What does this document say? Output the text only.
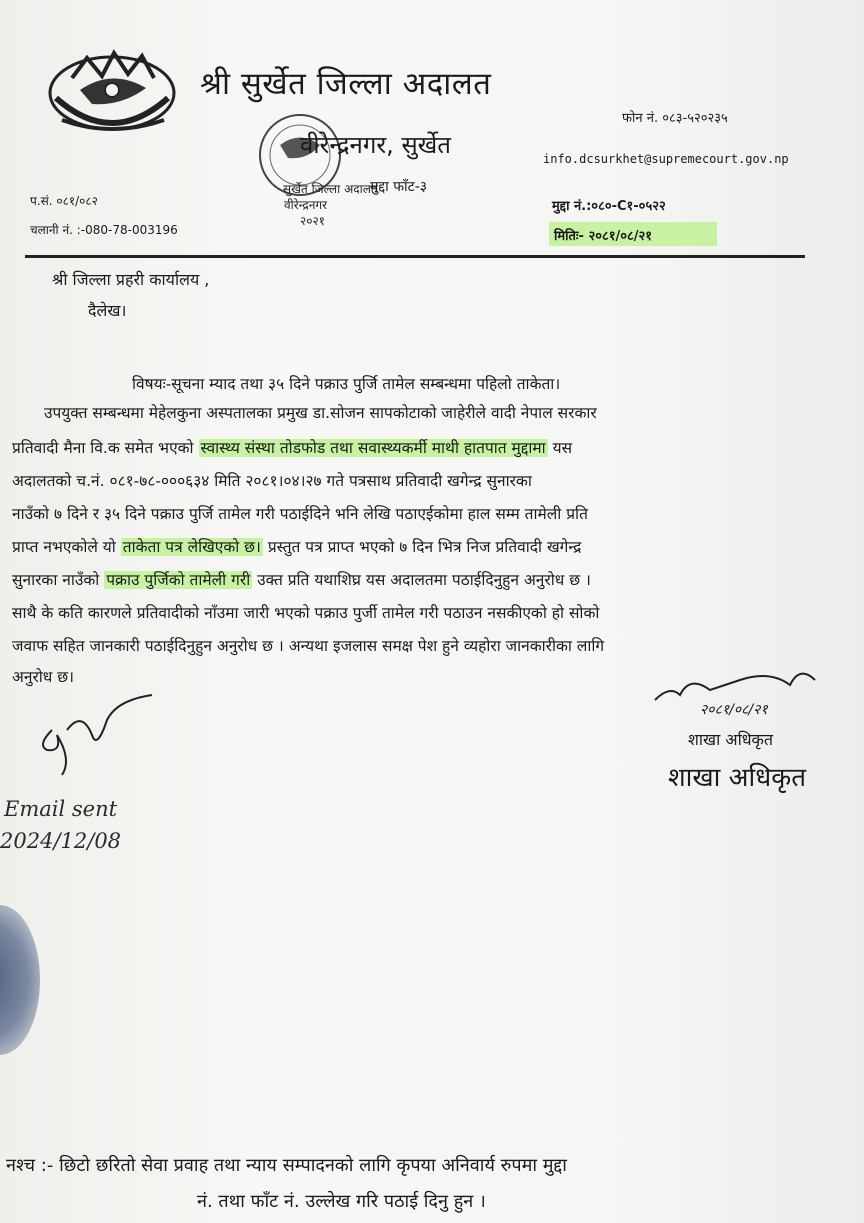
श्री सुर्खेत जिल्ला अदालत
फोन नं. ०८३-५२०२३५
सुर्खेत जिल्ला अदालत
वीरेन्द्रनगर
२०२१
वीरेन्द्रनगर, सुर्खेत	info.dcsurkhet@supremecourt.gov.np
मुद्दा फाँट-३
प.सं. ०८१/०८२
चलानी नं. :-080-78-003196
मुद्दा नं.:०८०-C१-०५२२
मितिः- २०८१/०८/२१
श्री जिल्ला प्रहरी कार्यालय ,
दैलेख।
विषयः-सूचना म्याद तथा ३५ दिने पक्राउ पुर्जि तामेल सम्बन्धमा पहिलो ताकेता।
उपयुक्त सम्बन्धमा मेहेलकुना अस्पतालका प्रमुख डा.सोजन सापकोटाको जाहेरीले वादी नेपाल सरकार
प्रतिवादी मैना वि.क समेत भएको स्वास्थ्य संस्था तोडफोड तथा सवास्थ्यकर्मी माथी हातपात मुद्दामा यस
अदालतको च.नं. ०८१-७८-०००६३४ मिति २०८१।०४।२७ गते पत्रसाथ प्रतिवादी खगेन्द्र सुनारका
नाउँको ७ दिने र ३५ दिने पक्राउ पुर्जि तामेल गरी पठाईदिने भनि लेखि पठाएईकोमा हाल सम्म तामेली प्रति
प्राप्त नभएकोले यो ताकेता पत्र लेखिएको छ। प्रस्तुत पत्र प्राप्त भएको ७ दिन भित्र निज प्रतिवादी खगेन्द्र
सुनारका नाउँको पक्राउ पुर्जिको तामेली गरी उक्त प्रति यथाशिघ्र यस अदालतमा पठाईदिनुहुन अनुरोध छ ।
साथै के कति कारणले प्रतिवादीको नाँउमा जारी भएको पक्राउ पुर्जी तामेल गरी पठाउन नसकीएको हो सोको
जवाफ सहित जानकारी पठाईदिनुहुन अनुरोध छ । अन्यथा इजलास समक्ष पेश हुने व्यहोरा जानकारीका लागि
अनुरोध छ।
Email sent
2024/12/08
२०८१/०८/२१
शाखा अधिकृत
शाखा अधिकृत
नश्च :- छिटो छरितो सेवा प्रवाह तथा न्याय सम्पादनको लागि कृपया अनिवार्य रुपमा मुद्दा
नं. तथा फाँट नं. उल्लेख गरि पठाई दिनु हुन ।
